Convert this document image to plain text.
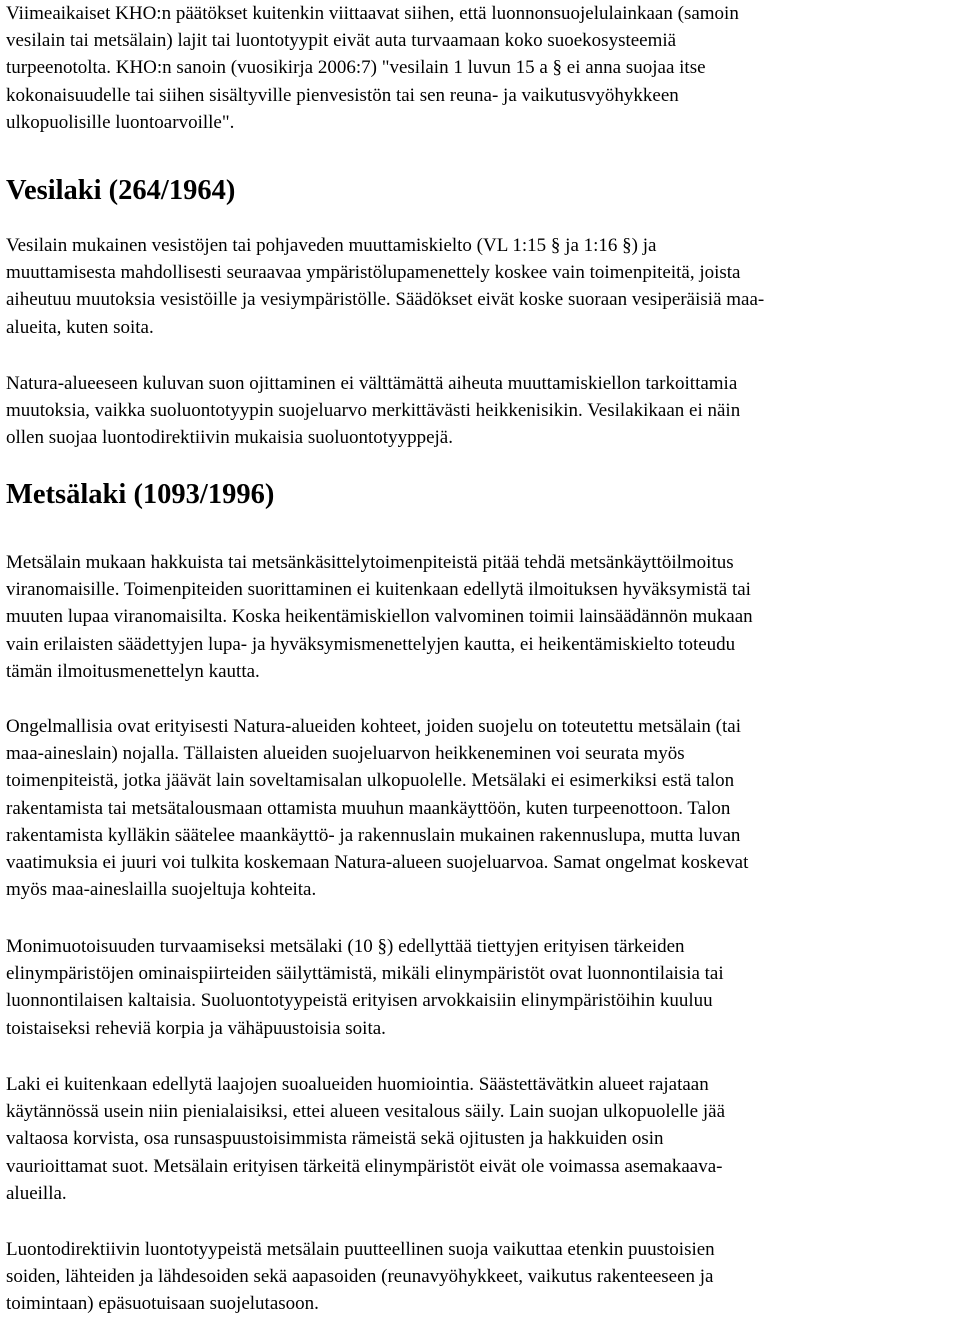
Viimeaikaiset KHO:n päätökset kuitenkin viittaavat siihen, että luonnonsuojelulainkaan (samoin
vesilain tai metsälain) lajit tai luontotyypit eivät auta turvaamaan koko suoekosysteemiä
turpeenotolta. KHO:n sanoin (vuosikirja 2006:7) "vesilain 1 luvun 15 a § ei anna suojaa itse
kokonaisuudelle tai siihen sisältyville pienvesistön tai sen reuna- ja vaikutusvyöhykkeen
ulkopuolisille luontoarvoille".

Vesilaki (264/1964)

Vesilain mukainen vesistöjen tai pohjaveden muuttamiskielto (VL 1:15 § ja 1:16 §) ja
muuttamisesta mahdollisesti seuraavaa ympäristölupamenettely koskee vain toimenpiteitä, joista
aiheutuu muutoksia vesistöille ja vesiympäristölle. Säädökset eivät koske suoraan vesiperäisiä maa-
alueita, kuten soita.

Natura-alueeseen kuluvan suon ojittaminen ei välttämättä aiheuta muuttamiskiellon tarkoittamia
muutoksia, vaikka suoluontotyypin suojeluarvo merkittävästi heikkenisikin. Vesilakikaan ei näin
ollen suojaa luontodirektiivin mukaisia suoluontotyyppejä.

Metsälaki (1093/1996)

Metsälain mukaan hakkuista tai metsänkäsittelytoimenpiteistä pitää tehdä metsänkäyttöilmoitus
viranomaisille. Toimenpiteiden suorittaminen ei kuitenkaan edellytä ilmoituksen hyväksymistä tai
muuten lupaa viranomaisilta. Koska heikentämiskiellon valvominen toimii lainsäädännön mukaan
vain erilaisten säädettyjen lupa- ja hyväksymismenettelyjen kautta, ei heikentämiskielto toteudu
tämän ilmoitusmenettelyn kautta.

Ongelmallisia ovat erityisesti Natura-alueiden kohteet, joiden suojelu on toteutettu metsälain (tai
maa-aineslain) nojalla. Tällaisten alueiden suojeluarvon heikkeneminen voi seurata myös
toimenpiteistä, jotka jäävät lain soveltamisalan ulkopuolelle. Metsälaki ei esimerkiksi estä talon
rakentamista tai metsätalousmaan ottamista muuhun maankäyttöön, kuten turpeenottoon. Talon
rakentamista kylläkin säätelee maankäyttö- ja rakennuslain mukainen rakennuslupa, mutta luvan
vaatimuksia ei juuri voi tulkita koskemaan Natura-alueen suojeluarvoa. Samat ongelmat koskevat
myös maa-aineslailla suojeltuja kohteita.

Monimuotoisuuden turvaamiseksi metsälaki (10 §) edellyttää tiettyjen erityisen tärkeiden
elinympäristöjen ominaispiirteiden säilyttämistä, mikäli elinympäristöt ovat luonnontilaisia tai
luonnontilaisen kaltaisia. Suoluontotyypeistä erityisen arvokkaisiin elinympäristöihin kuuluu
toistaiseksi reheviä korpia ja vähäpuustoisia soita.

Laki ei kuitenkaan edellytä laajojen suoalueiden huomiointia. Säästettävätkin alueet rajataan
käytännössä usein niin pienialaisiksi, ettei alueen vesitalous säily. Lain suojan ulkopuolelle jää
valtaosa korvista, osa runsaspuustoisimmista rämeistä sekä ojitusten ja hakkuiden osin
vaurioittamat suot. Metsälain erityisen tärkeitä elinympäristöt eivät ole voimassa asemakaava-
alueilla.

Luontodirektiivin luontotyypeistä metsälain puutteellinen suoja vaikuttaa etenkin puustoisien
soiden, lähteiden ja lähdesoiden sekä aapasoiden (reunavyöhykkeet, vaikutus rakenteeseen ja
toimintaan) epäsuotuisaan suojelutasoon.
